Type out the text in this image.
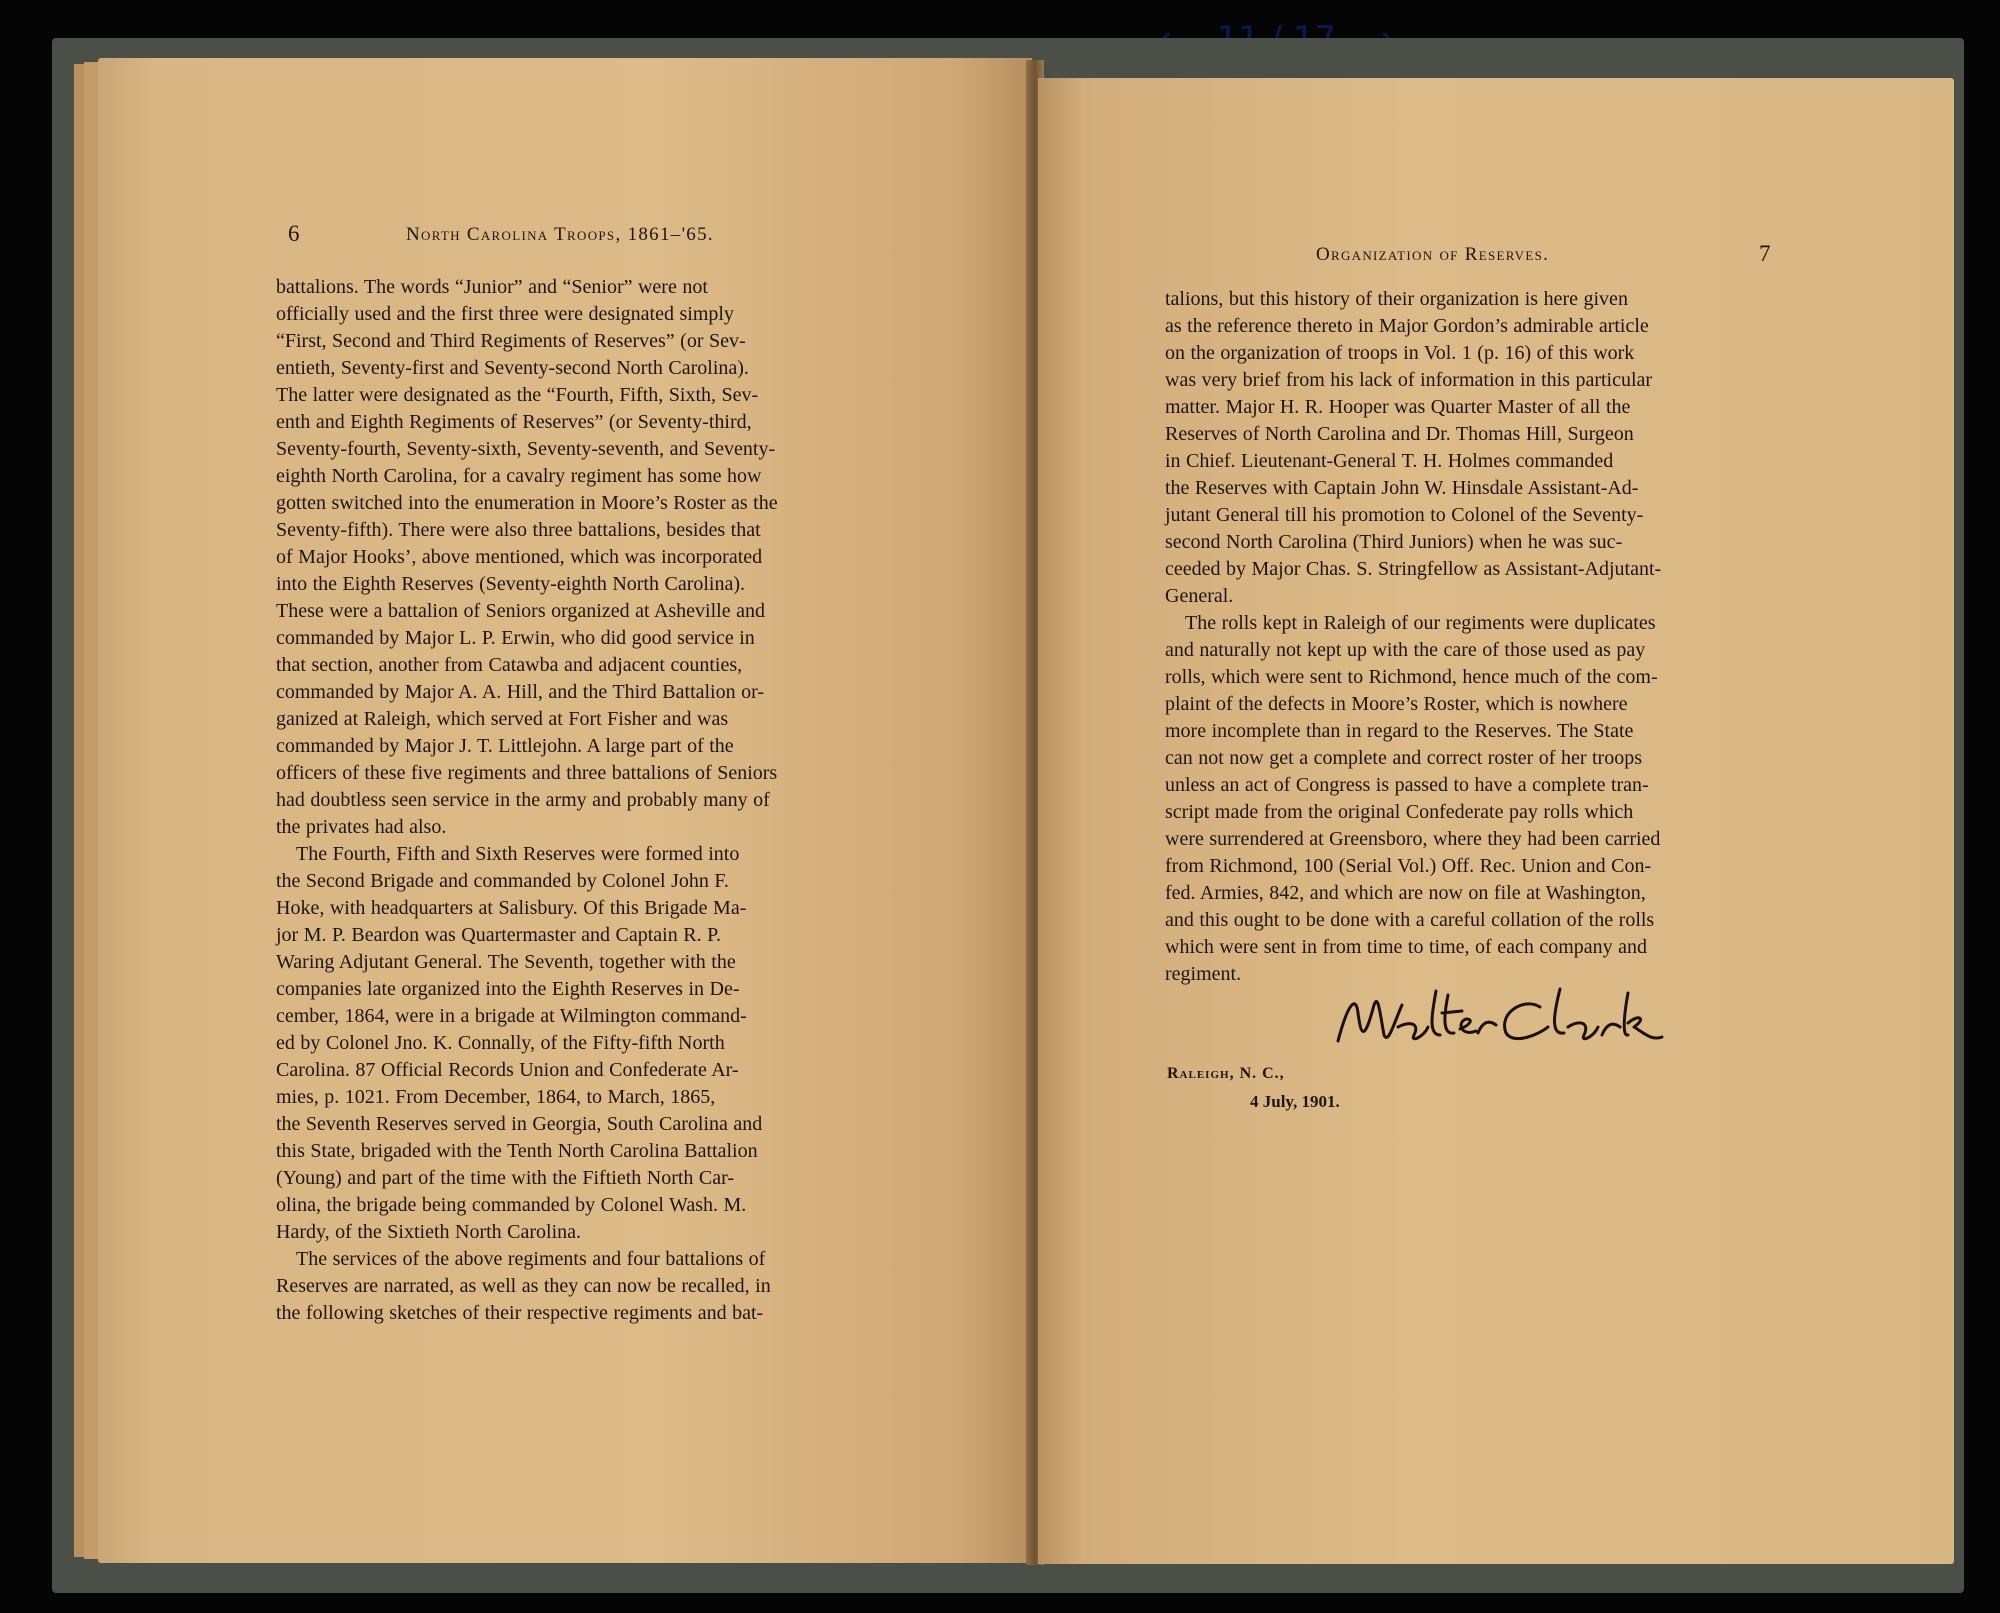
6	North Carolina Troops, 1861–'65.
battalions. The words “Junior” and “Senior” were not
officially used and the first three were designated simply
“First, Second and Third Regiments of Reserves” (or Sev-
entieth, Seventy-first and Seventy-second North Carolina).
The latter were designated as the “Fourth, Fifth, Sixth, Sev-
enth and Eighth Regiments of Reserves” (or Seventy-third,
Seventy-fourth, Seventy-sixth, Seventy-seventh, and Seventy-
eighth North Carolina, for a cavalry regiment has some how
gotten switched into the enumeration in Moore’s Roster as the
Seventy-fifth). There were also three battalions, besides that
of Major Hooks’, above mentioned, which was incorporated
into the Eighth Reserves (Seventy-eighth North Carolina).
These were a battalion of Seniors organized at Asheville and
commanded by Major L. P. Erwin, who did good service in
that section, another from Catawba and adjacent counties,
commanded by Major A. A. Hill, and the Third Battalion or-
ganized at Raleigh, which served at Fort Fisher and was
commanded by Major J. T. Littlejohn. A large part of the
officers of these five regiments and three battalions of Seniors
had doubtless seen service in the army and probably many of
the privates had also.
The Fourth, Fifth and Sixth Reserves were formed into
the Second Brigade and commanded by Colonel John F.
Hoke, with headquarters at Salisbury. Of this Brigade Ma-
jor M. P. Beardon was Quartermaster and Captain R. P.
Waring Adjutant General. The Seventh, together with the
companies late organized into the Eighth Reserves in De-
cember, 1864, were in a brigade at Wilmington command-
ed by Colonel Jno. K. Connally, of the Fifty-fifth North
Carolina. 87 Official Records Union and Confederate Ar-
mies, p. 1021. From December, 1864, to March, 1865,
the Seventh Reserves served in Georgia, South Carolina and
this State, brigaded with the Tenth North Carolina Battalion
(Young) and part of the time with the Fiftieth North Car-
olina, the brigade being commanded by Colonel Wash. M.
Hardy, of the Sixtieth North Carolina.
The services of the above regiments and four battalions of
Reserves are narrated, as well as they can now be recalled, in
the following sketches of their respective regiments and bat-
Organization of Reserves.	7
talions, but this history of their organization is here given
as the reference thereto in Major Gordon’s admirable article
on the organization of troops in Vol. 1 (p. 16) of this work
was very brief from his lack of information in this particular
matter. Major H. R. Hooper was Quarter Master of all the
Reserves of North Carolina and Dr. Thomas Hill, Surgeon
in Chief. Lieutenant-General T. H. Holmes commanded
the Reserves with Captain John W. Hinsdale Assistant-Ad-
jutant General till his promotion to Colonel of the Seventy-
second North Carolina (Third Juniors) when he was suc-
ceeded by Major Chas. S. Stringfellow as Assistant-Adjutant-
General.
The rolls kept in Raleigh of our regiments were duplicates
and naturally not kept up with the care of those used as pay
rolls, which were sent to Richmond, hence much of the com-
plaint of the defects in Moore’s Roster, which is nowhere
more incomplete than in regard to the Reserves. The State
can not now get a complete and correct roster of her troops
unless an act of Congress is passed to have a complete tran-
script made from the original Confederate pay rolls which
were surrendered at Greensboro, where they had been carried
from Richmond, 100 (Serial Vol.) Off. Rec. Union and Con-
fed. Armies, 842, and which are now on file at Washington,
and this ought to be done with a careful collation of the rolls
which were sent in from time to time, of each company and
regiment.
Raleigh, N. C.,
4 July, 1901.
